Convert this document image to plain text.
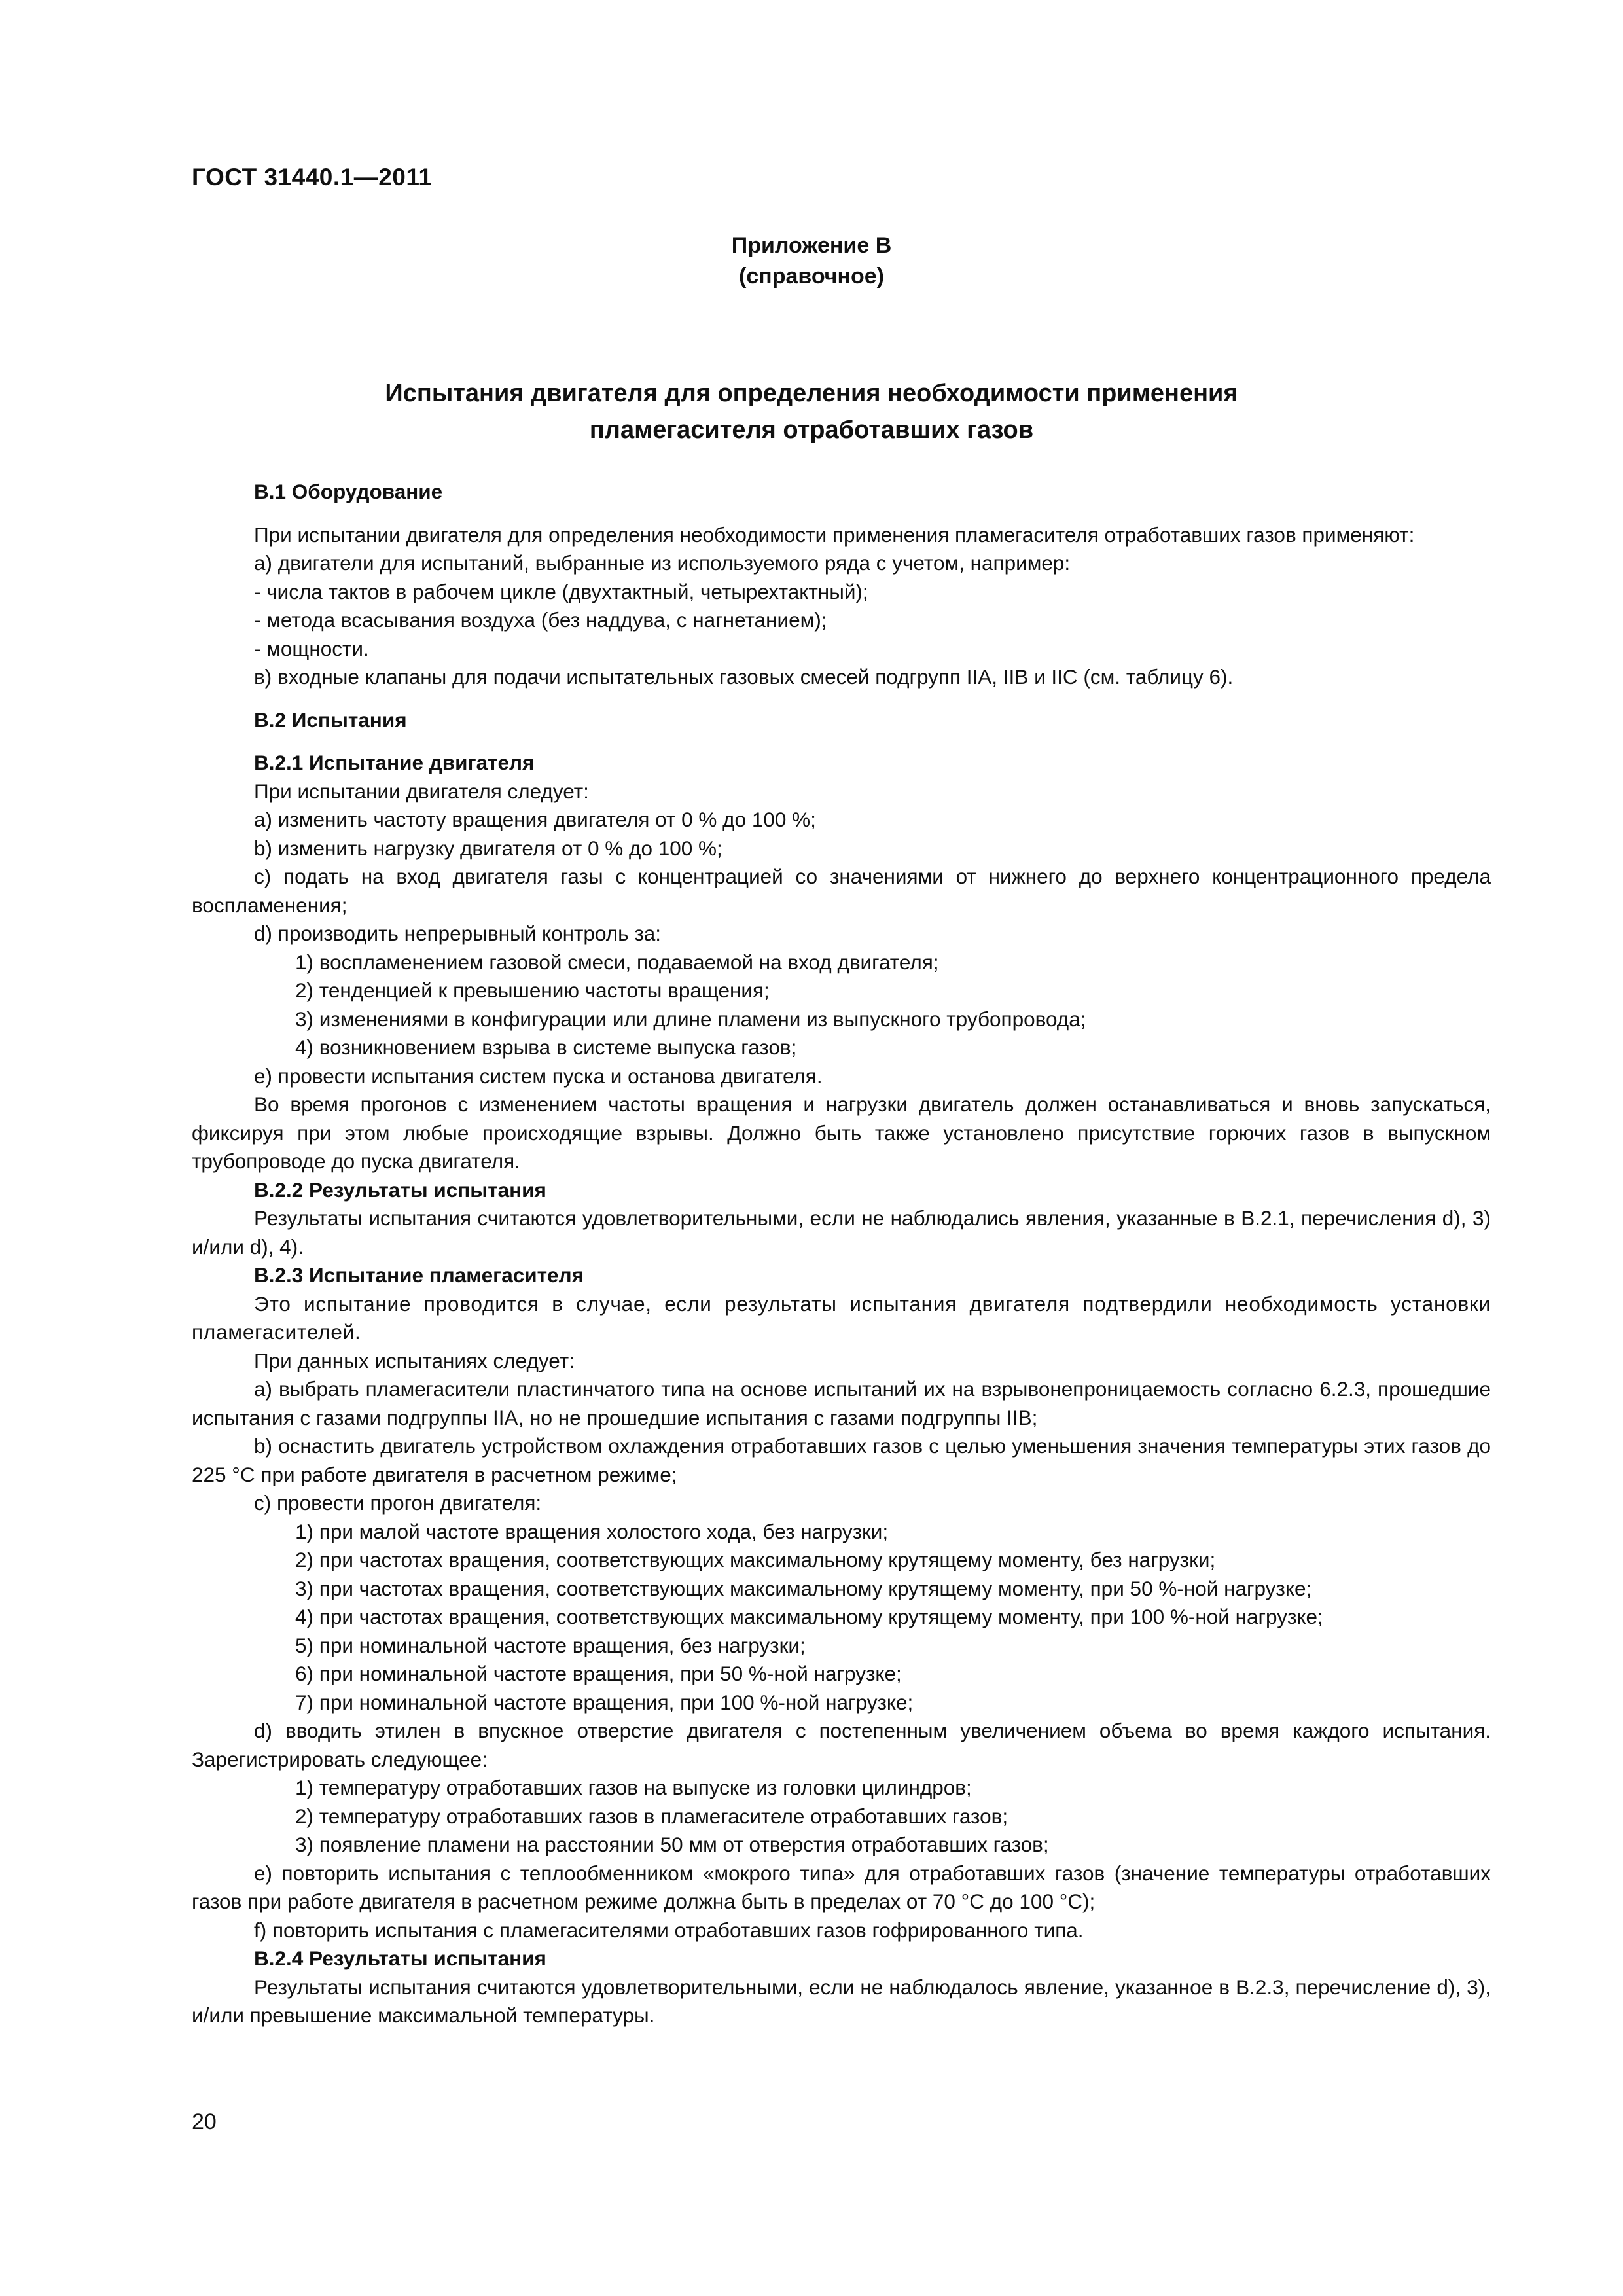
ГОСТ 31440.1—2011
Приложение В
(справочное)
Испытания двигателя для определения необходимости применения
пламегасителя отработавших газов

В.1 Оборудование

При испытании двигателя для определения необходимости применения пламегасителя отработавших газов применяют:

а) двигатели для испытаний, выбранные из используемого ряда с учетом, например:

- числа тактов в рабочем цикле (двухтактный, четырехтактный);

- метода всасывания воздуха (без наддува, с нагнетанием);

- мощности.

в) входные клапаны для подачи испытательных газовых смесей подгрупп IIA, IIB и IIC (см. таблицу 6).

В.2 Испытания

В.2.1 Испытание двигателя

При испытании двигателя следует:

а) изменить частоту вращения двигателя от 0 % до 100 %;

b) изменить нагрузку двигателя от 0 % до 100 %;

с) подать на вход двигателя газы с концентрацией со значениями от нижнего до верхнего концентрационного предела воспламенения;

d) производить непрерывный контроль за:

1) воспламенением газовой смеси, подаваемой на вход двигателя;

2) тенденцией к превышению частоты вращения;

3) изменениями в конфигурации или длине пламени из выпускного трубопровода;

4) возникновением взрыва в системе выпуска газов;

е) провести испытания систем пуска и останова двигателя.

Во время прогонов с изменением частоты вращения и нагрузки двигатель должен останавливаться и вновь запускаться, фиксируя при этом любые происходящие взрывы. Должно быть также установлено присутствие горючих газов в выпускном трубопроводе до пуска двигателя.

В.2.2 Результаты испытания

Результаты испытания считаются удовлетворительными, если не наблюдались явления, указанные в В.2.1, перечисления d), 3) и/или d), 4).

В.2.3 Испытание пламегасителя

Это испытание проводится в случае, если результаты испытания двигателя подтвердили необходимость установки пламегасителей.

При данных испытаниях следует:

а) выбрать пламегасители пластинчатого типа на основе испытаний их на взрывонепроницаемость согласно 6.2.3, прошедшие испытания с газами подгруппы IIA, но не прошедшие испытания с газами подгруппы IIB;

b) оснастить двигатель устройством охлаждения отработавших газов с целью уменьшения значения температуры этих газов до 225 °С при работе двигателя в расчетном режиме;

с) провести прогон двигателя:

1) при малой частоте вращения холостого хода, без нагрузки;

2) при частотах вращения, соответствующих максимальному крутящему моменту, без нагрузки;

3) при частотах вращения, соответствующих максимальному крутящему моменту, при 50 %-ной нагрузке;

4) при частотах вращения, соответствующих максимальному крутящему моменту, при 100 %-ной нагрузке;

5) при номинальной частоте вращения, без нагрузки;

6) при номинальной частоте вращения, при 50 %-ной нагрузке;

7) при номинальной частоте вращения, при 100 %-ной нагрузке;

d) вводить этилен в впускное отверстие двигателя с постепенным увеличением объема во время каждого испытания. Зарегистрировать следующее:

1) температуру отработавших газов на выпуске из головки цилиндров;

2) температуру отработавших газов в пламегасителе отработавших газов;

3) появление пламени на расстоянии 50 мм от отверстия отработавших газов;

е) повторить испытания с теплообменником «мокрого типа» для отработавших газов (значение температуры отработавших газов при работе двигателя в расчетном режиме должна быть в пределах от 70 °С до 100 °С);

f) повторить испытания с пламегасителями отработавших газов гофрированного типа.

В.2.4 Результаты испытания

Результаты испытания считаются удовлетворительными, если не наблюдалось явление, указанное в В.2.3, перечисление d), 3), и/или превышение максимальной температуры.

20
